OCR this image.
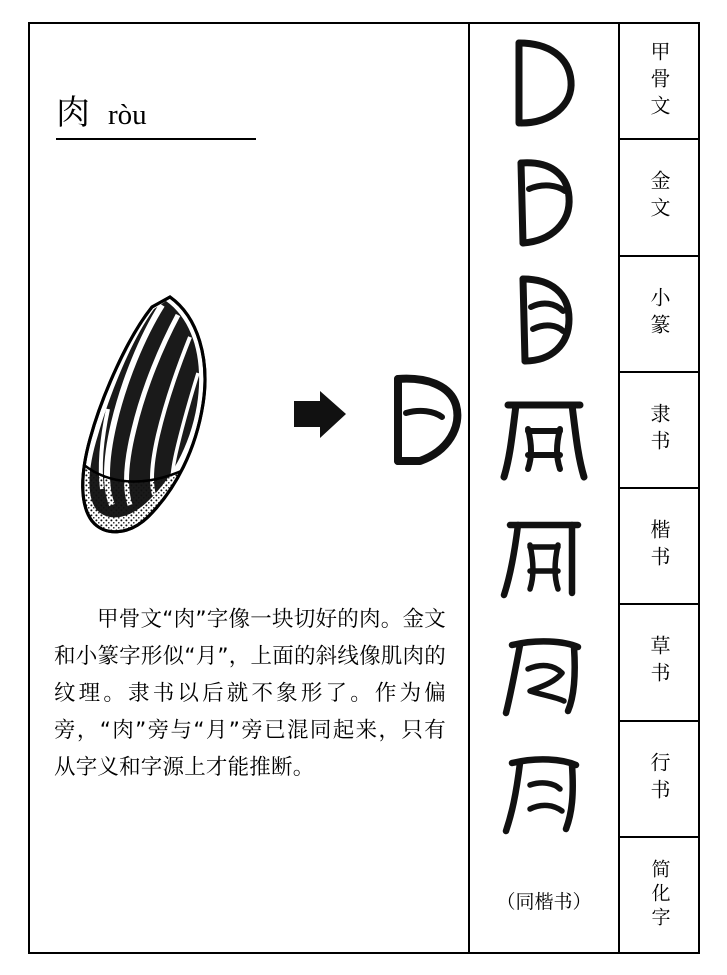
肉 ròu
甲骨文“肉”字像一块切好的肉。金文和小篆字形似“月”，上面的斜线像肌肉的纹理。隶书以后就不象形了。作为偏旁，“肉”旁与“月”旁已混同起来，只有从字义和字源上才能推断。
（同楷书）
甲骨文
金文
小篆
隶书
楷书
草书
行书
简化字
